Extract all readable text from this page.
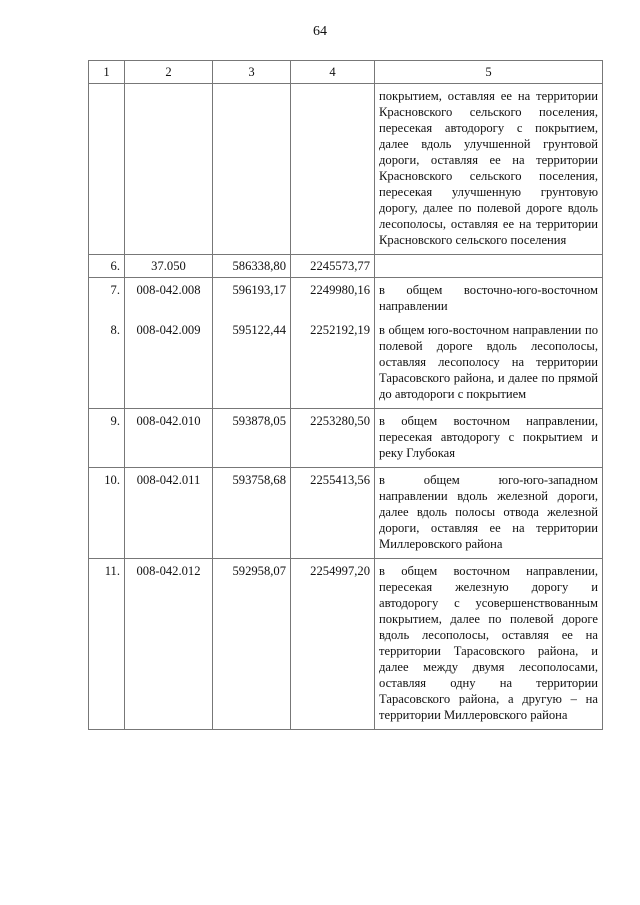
64
1	2	3	4	5
				покрытием, оставляя ее на территории Красновского сельского поселения, пересекая автодорогу с покрытием, далее вдоль улучшенной грунтовой дороги, оставляя ее на территории Красновского сельского поселения, пересекая улучшенную грунтовую дорогу, далее по полевой дороге вдоль лесополосы, оставляя ее на территории Красновского сельского поселения
6.	37.050	586338,80	2245573,77	
7.	008-042.008	596193,17	2249980,16	в общем восточно-юго-восточном направлении
8.	008-042.009	595122,44	2252192,19	в общем юго-восточном направлении по полевой дороге вдоль лесополосы, оставляя лесополосу на территории Тарасовского района, и далее по прямой до автодороги с покрытием
9.	008-042.010	593878,05	2253280,50	в общем восточном направлении, пересекая автодорогу с покрытием и реку Глубокая
10.	008-042.011	593758,68	2255413,56	в общем юго-юго-западном направлении вдоль железной дороги, далее вдоль полосы отвода железной дороги, оставляя ее на территории Миллеровского района
11.	008-042.012	592958,07	2254997,20	в общем восточном направлении, пересекая железную дорогу и автодорогу с усовершенствованным покрытием, далее по полевой дороге вдоль лесополосы, оставляя ее на территории Тарасовского района, и далее между двумя лесополосами, оставляя одну на территории Тарасовского района, а другую – на территории Миллеровского района
